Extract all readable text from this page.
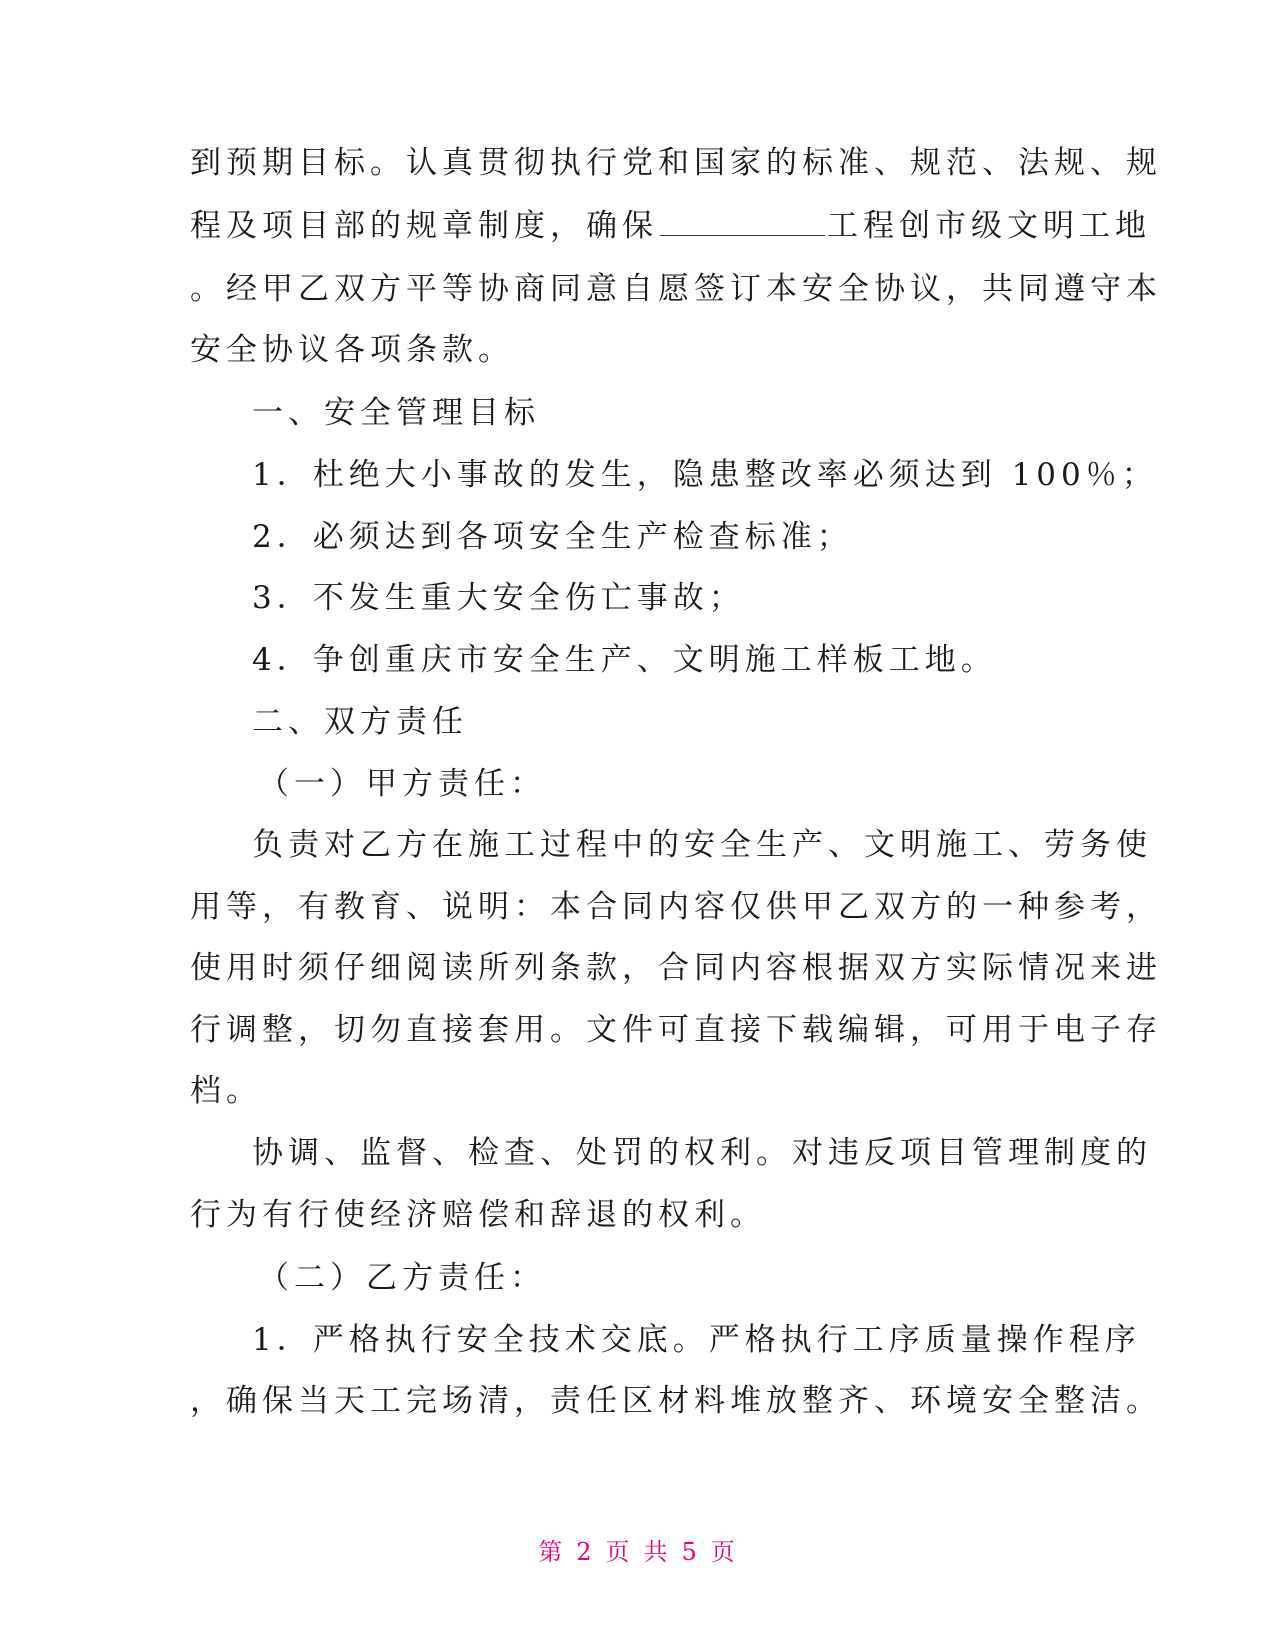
到预期目标。认真贯彻执行党和国家的标准、规范、法规、规
程及项目部的规章制度，确保	工程创市级文明工地
。经甲乙双方平等协商同意自愿签订本安全协议，共同遵守本
安全协议各项条款。
一、安全管理目标
1．杜绝大小事故的发生，隐患整改率必须达到 100％；
2．必须达到各项安全生产检查标准；
3．不发生重大安全伤亡事故；
4．争创重庆市安全生产、文明施工样板工地。
二、双方责任
（一）甲方责任：
负责对乙方在施工过程中的安全生产、文明施工、劳务使
用等，有教育、说明：本合同内容仅供甲乙双方的一种参考，
使用时须仔细阅读所列条款，合同内容根据双方实际情况来进
行调整，切勿直接套用。文件可直接下载编辑，可用于电子存
档。
协调、监督、检查、处罚的权利。对违反项目管理制度的
行为有行使经济赔偿和辞退的权利。
（二）乙方责任：
1．严格执行安全技术交底。严格执行工序质量操作程序
，确保当天工完场清，责任区材料堆放整齐、环境安全整洁。
第 2 页 共 5 页
